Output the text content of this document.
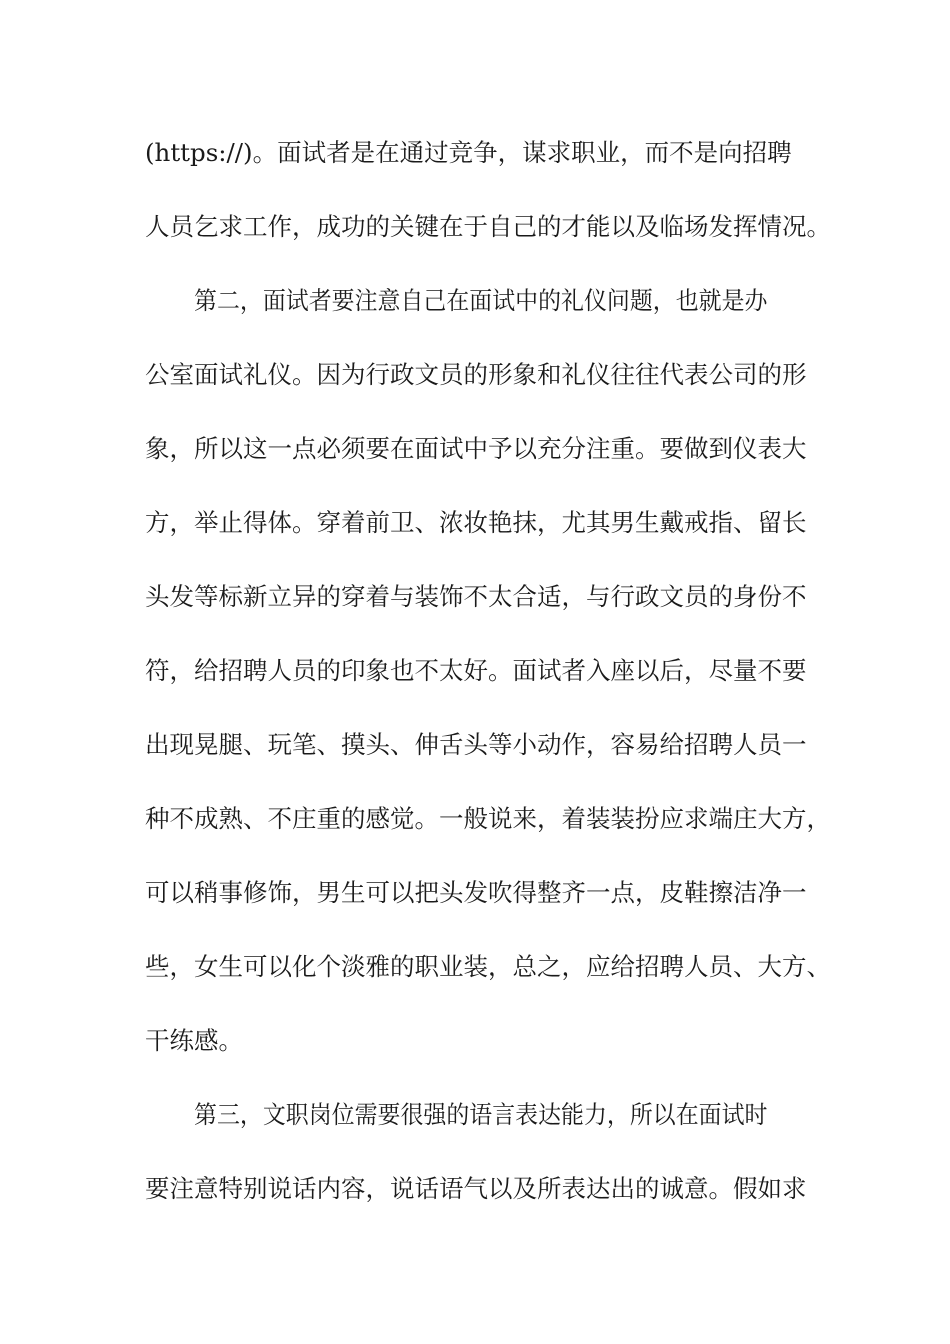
(https://)。面试者是在通过竞争，谋求职业，而不是向招聘
人员乞求工作，成功的关键在于自己的才能以及临场发挥情况。
第二，面试者要注意自己在面试中的礼仪问题，也就是办
公室面试礼仪。因为行政文员的形象和礼仪往往代表公司的形
象，所以这一点必须要在面试中予以充分注重。要做到仪表大
方，举止得体。穿着前卫、浓妆艳抹，尤其男生戴戒指、留长
头发等标新立异的穿着与装饰不太合适，与行政文员的身份不
符，给招聘人员的印象也不太好。面试者入座以后，尽量不要
出现晃腿、玩笔、摸头、伸舌头等小动作，容易给招聘人员一
种不成熟、不庄重的感觉。一般说来，着装装扮应求端庄大方，
可以稍事修饰，男生可以把头发吹得整齐一点，皮鞋擦洁净一
些，女生可以化个淡雅的职业装，总之，应给招聘人员、大方、
干练感。
第三，文职岗位需要很强的语言表达能力，所以在面试时
要注意特别说话内容，说话语气以及所表达出的诚意。假如求
